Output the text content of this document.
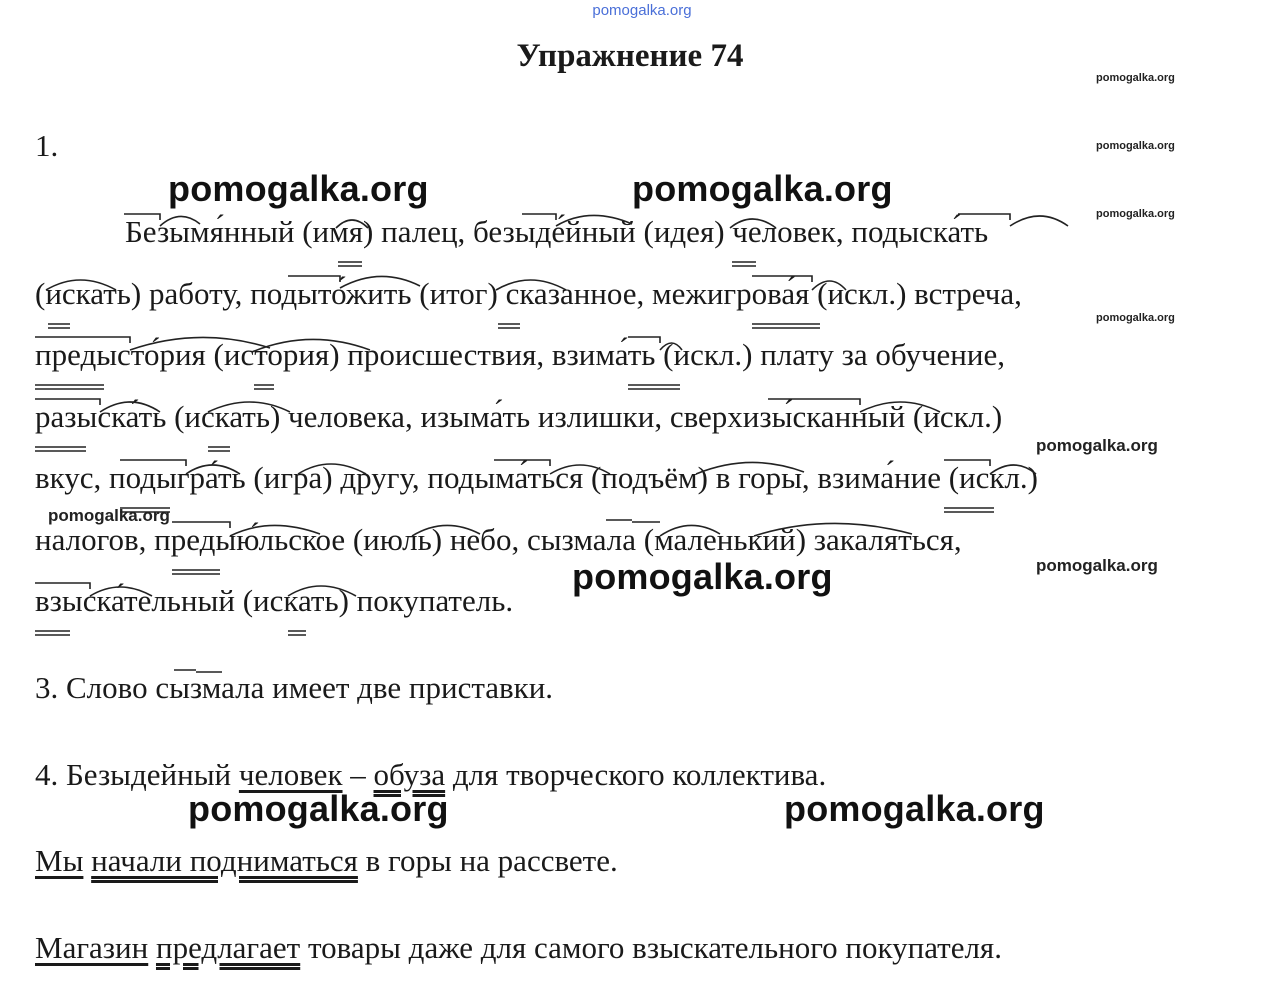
pomogalka.org
Упражнение 74
pomogalka.org
pomogalka.org
pomogalka.org
pomogalka.org
pomogalka.org
pomogalka.org
pomogalka.org
pomogalka.org	pomogalka.org
pomogalka.org
pomogalka.org	pomogalka.org
1.
Безымя́нный (имя) палец, безыде́йный (идея) человек, подыска́ть
(искать) работу, подыто́жить (итог) сказанное, межигрова́я (искл.) встреча,
предысто́рия (история) происшествия, взима́ть (искл.) плату за обучение,
разыска́ть (искать) человека, изыма́ть излишки, сверхизы́сканный (искл.)
вкус, подыгра́ть (игра) другу, подыма́ться (подъём) в горы, взима́ние (искл.)
налогов, предыю́льское (июль) небо, сызмала (маленький) закаляться,
взыска́тельный (искать) покупатель.
3. Слово сызмала имеет две приставки.
4. Безыдейный человек – обуза для творческого коллектива.
Мы начали подниматься в горы на рассвете.
Магазин предлагает товары даже для самого взыскательного покупателя.
